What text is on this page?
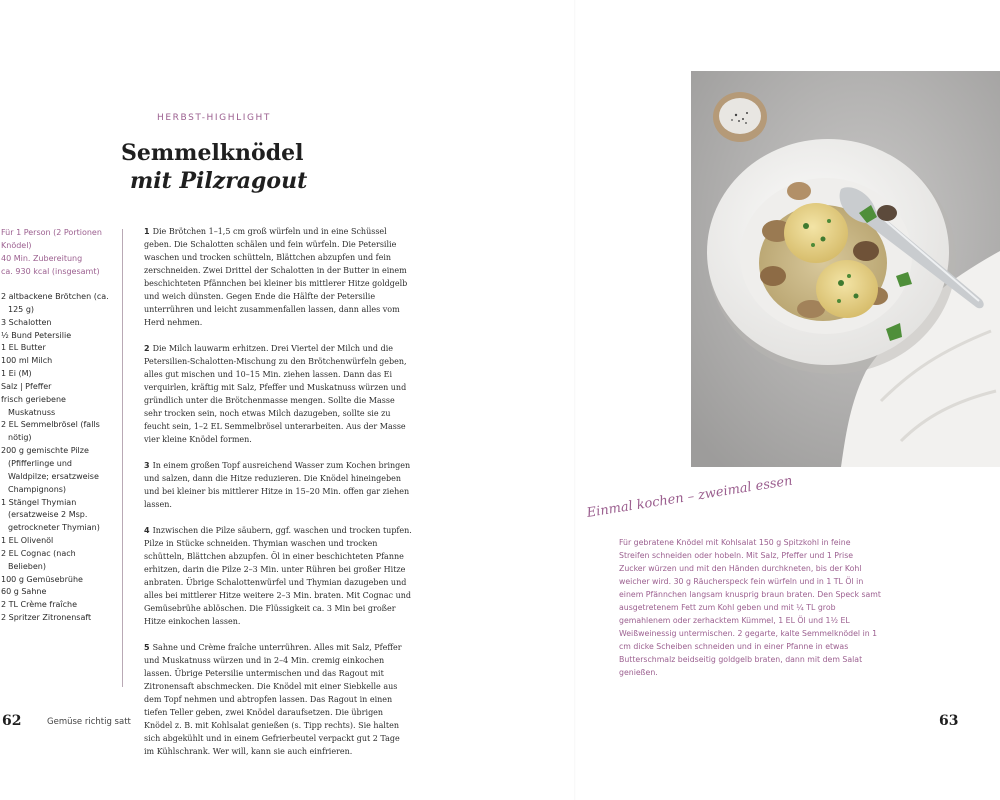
HERBST-HIGHLIGHT
Semmelknödel
mit Pilzragout
Für 1 Person (2 Portionen Knödel)
40 Min. Zubereitung
ca. 930 kcal (insgesamt)
2 altbackene Brötchen (ca. 125 g)
3 Schalotten
½ Bund Petersilie
1 EL Butter
100 ml Milch
1 Ei (M)
Salz | Pfeffer
frisch geriebene Muskatnuss
2 EL Semmelbrösel (falls nötig)
200 g gemischte Pilze (Pfifferlinge und Waldpilze; ersatzweise Champignons)
1 Stängel Thymian (ersatzweise 2 Msp. getrockneter Thymian)
1 EL Olivenöl
2 EL Cognac (nach Belieben)
100 g Gemüsebrühe
60 g Sahne
2 TL Crème fraîche
2 Spritzer Zitronensaft

1 Die Brötchen 1–1,5 cm groß würfeln und in eine Schüssel geben. Die Schalotten schälen und fein würfeln. Die Petersilie waschen und trocken schütteln, Blättchen abzupfen und fein zerschneiden. Zwei Drittel der Schalotten in der Butter in einem beschichteten Pfännchen bei kleiner bis mittlerer Hitze goldgelb und weich dünsten. Gegen Ende die Hälfte der Petersilie unterrühren und leicht zusammenfallen lassen, dann alles vom Herd nehmen.

2 Die Milch lauwarm erhitzen. Drei Viertel der Milch und die Petersilien-Schalotten-Mischung zu den Brötchenwürfeln geben, alles gut mischen und 10–15 Min. ziehen lassen. Dann das Ei verquirlen, kräftig mit Salz, Pfeffer und Muskatnuss würzen und gründlich unter die Brötchenmasse mengen. Sollte die Masse sehr trocken sein, noch etwas Milch dazugeben, sollte sie zu feucht sein, 1–2 EL Semmelbrösel unterarbeiten. Aus der Masse vier kleine Knödel formen.

3 In einem großen Topf ausreichend Wasser zum Kochen bringen und salzen, dann die Hitze reduzieren. Die Knödel hineingeben und bei kleiner bis mittlerer Hitze in 15–20 Min. offen gar ziehen lassen.

4 Inzwischen die Pilze säubern, ggf. waschen und trocken tupfen. Pilze in Stücke schneiden. Thymian waschen und trocken schütteln, Blättchen abzupfen. Öl in einer beschichteten Pfanne erhitzen, darin die Pilze 2–3 Min. unter Rühren bei großer Hitze anbraten. Übrige Schalottenwürfel und Thymian dazugeben und alles bei mittlerer Hitze weitere 2–3 Min. braten. Mit Cognac und Gemüsebrühe ablöschen. Die Flüssigkeit ca. 3 Min bei großer Hitze einkochen lassen.

5 Sahne und Crème fraîche unterrühren. Alles mit Salz, Pfeffer und Muskatnuss würzen und in 2–4 Min. cremig einkochen lassen. Übrige Petersilie untermischen und das Ragout mit Zitronensaft abschmecken. Die Knödel mit einer Siebkelle aus dem Topf nehmen und abtropfen lassen. Das Ragout in einen tiefen Teller geben, zwei Knödel daraufsetzen. Die übrigen Knödel z. B. mit Kohlsalat genießen (s. Tipp rechts). Sie halten sich abgekühlt und in einem Gefrierbeutel verpackt gut 2 Tage im Kühlschrank. Wer will, kann sie auch einfrieren.

62	Gemüse richtig satt
Einmal kochen – zweimal essen
Für gebratene Knödel mit Kohlsalat 150 g Spitzkohl in feine Streifen schneiden oder hobeln. Mit Salz, Pfeffer und 1 Prise Zucker würzen und mit den Händen durchkneten, bis der Kohl weicher wird. 30 g Räucherspeck fein würfeln und in 1 TL Öl in einem Pfännchen langsam knusprig braun braten. Den Speck samt ausgetretenem Fett zum Kohl geben und mit ¼ TL grob gemahlenem oder zerhacktem Kümmel, 1 EL Öl und 1½ EL Weißweinessig untermischen. 2 gegarte, kalte Semmelknödel in 1 cm dicke Scheiben schneiden und in einer Pfanne in etwas Butterschmalz beidseitig goldgelb braten, dann mit dem Salat genießen.
63
